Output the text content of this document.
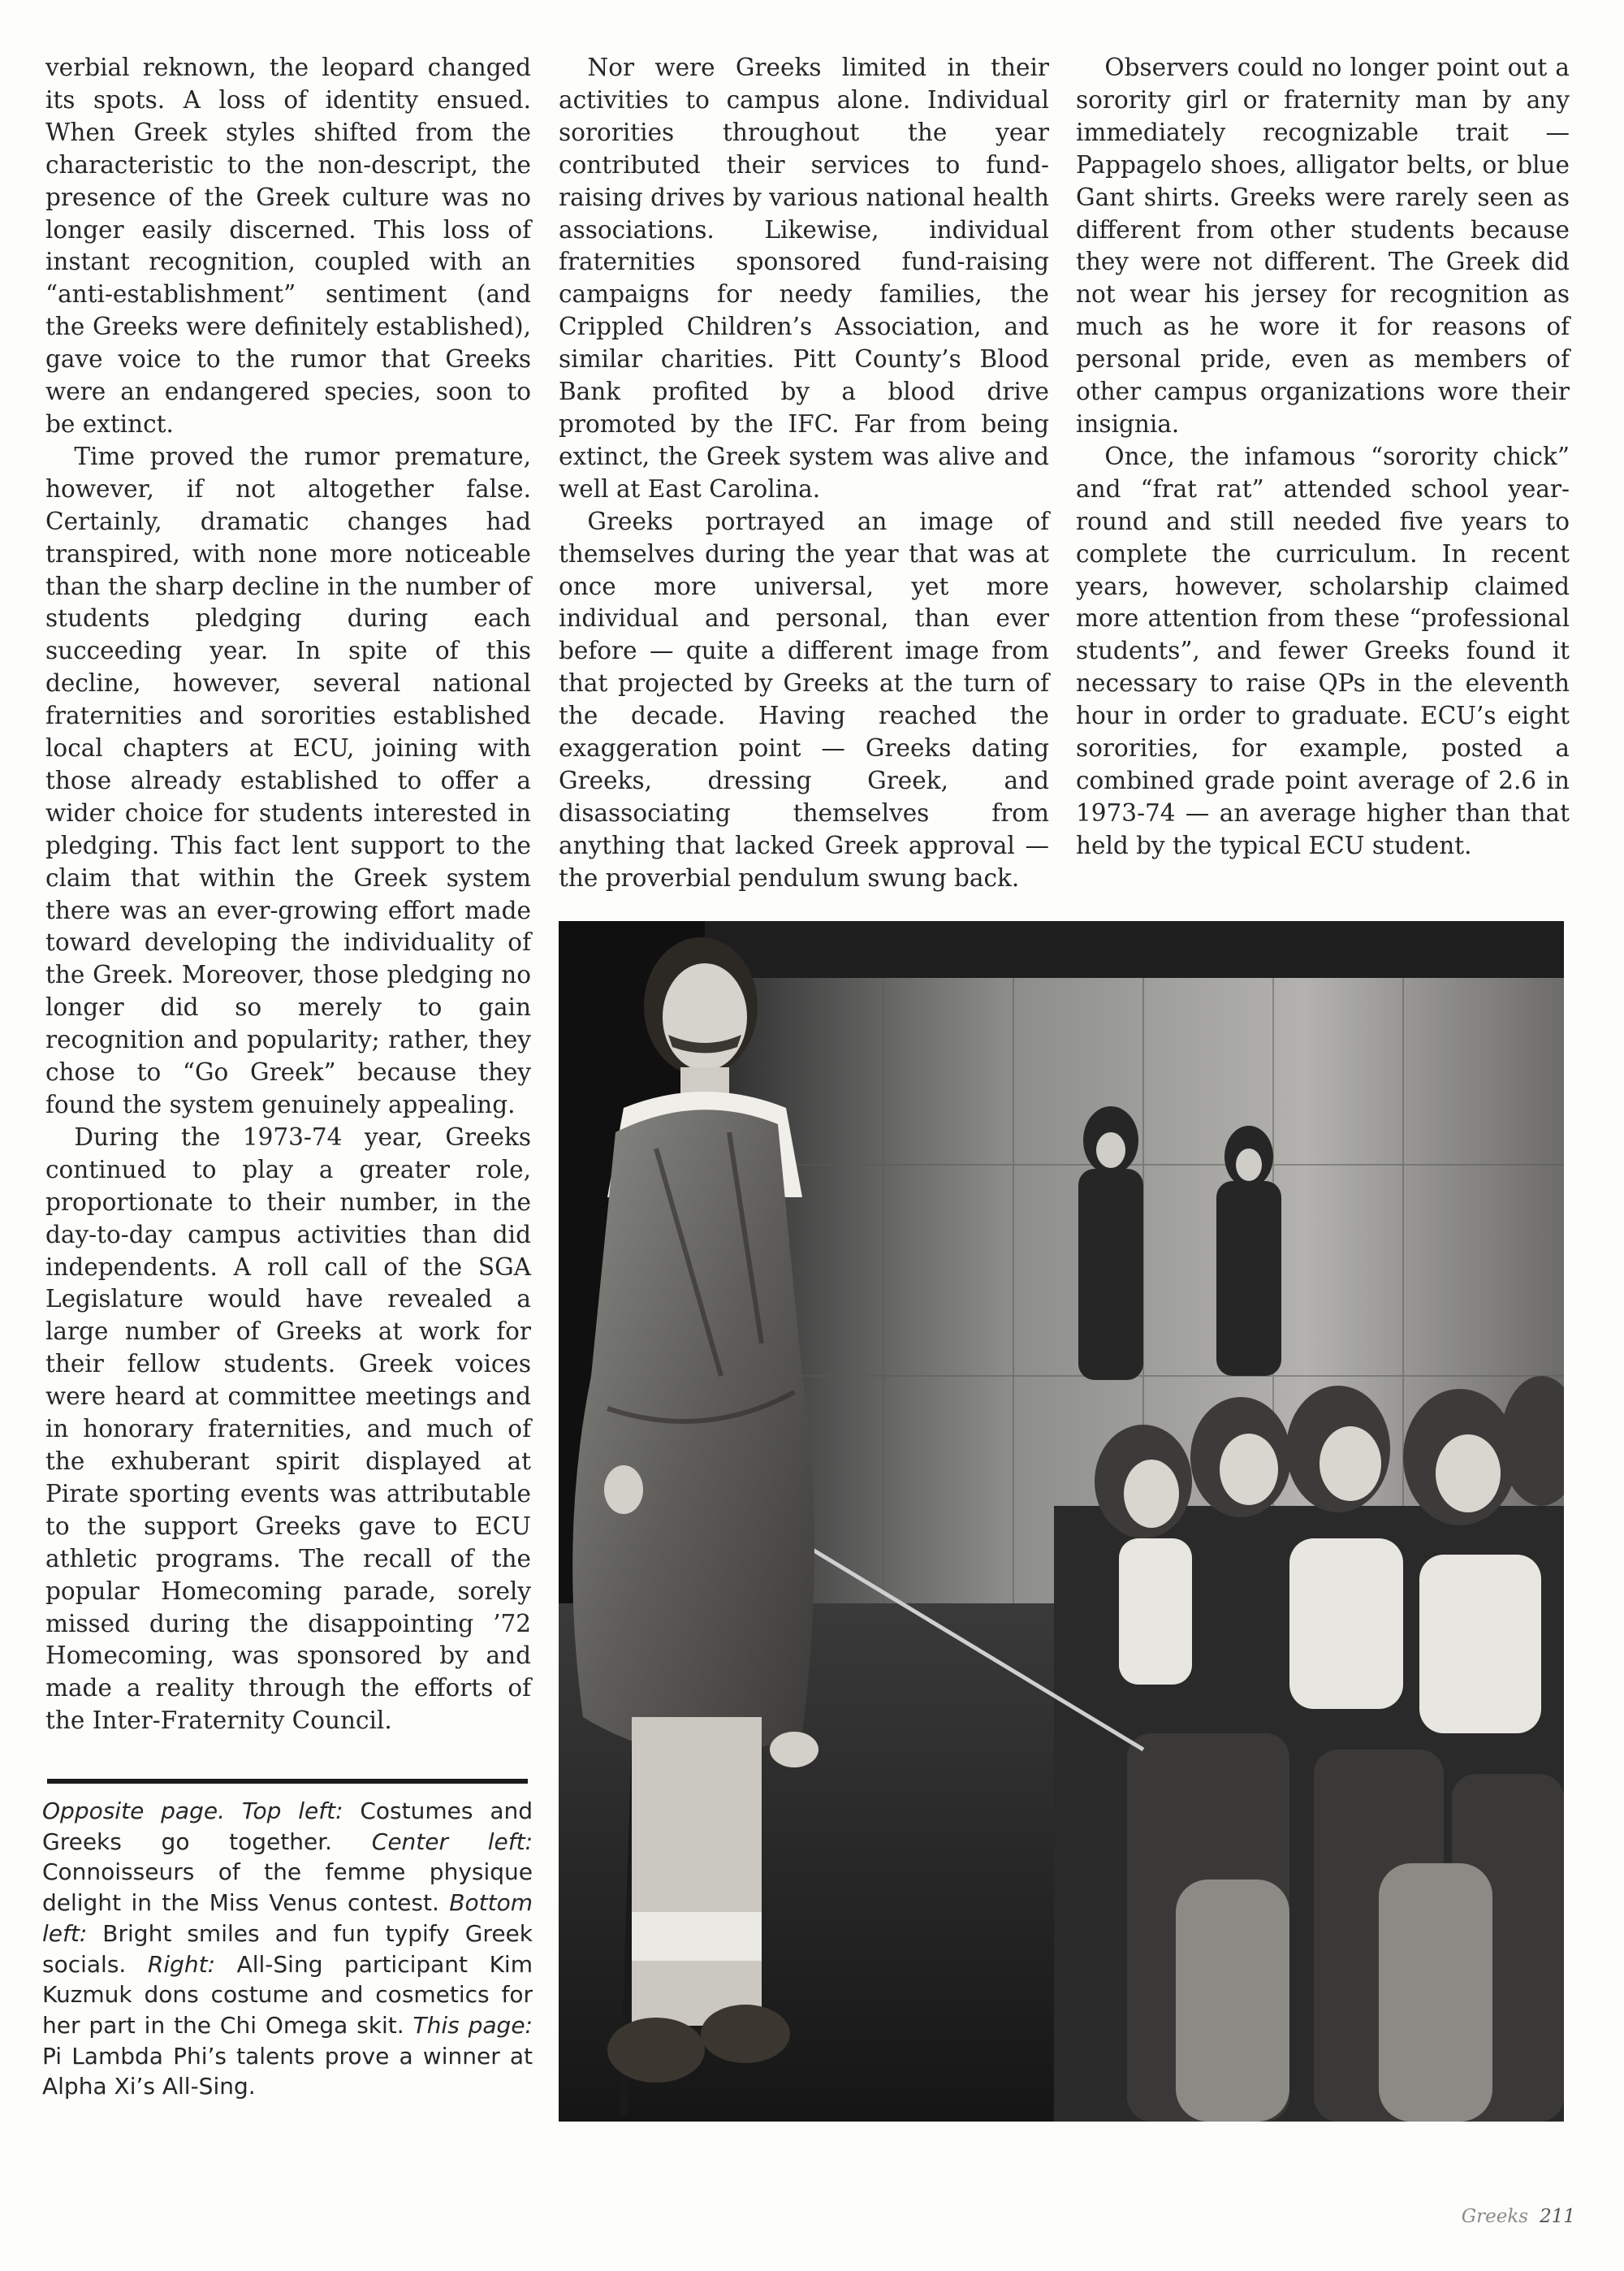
verbial reknown, the leopard changed its spots. A loss of identity ensued. When Greek styles shifted from the characteristic to the non-descript, the presence of the Greek culture was no longer easily discerned. This loss of instant recognition, coupled with an “anti-establishment” sentiment (and the Greeks were definitely established), gave voice to the rumor that Greeks were an endangered species, soon to be extinct.

Time proved the rumor premature, however, if not altogether false. Certainly, dramatic changes had transpired, with none more noticeable than the sharp decline in the number of students pledging during each succeeding year. In spite of this decline, however, several national fraternities and sororities established local chapters at ECU, joining with those already established to offer a wider choice for students interested in pledging. This fact lent support to the claim that within the Greek system there was an ever-growing effort made toward developing the individuality of the Greek. Moreover, those pledging no longer did so merely to gain recognition and popularity; rather, they chose to “Go Greek” because they found the system genuinely appealing.

During the 1973-74 year, Greeks continued to play a greater role, proportionate to their number, in the day-to-day campus activities than did independents. A roll call of the SGA Legislature would have revealed a large number of Greeks at work for their fellow students. Greek voices were heard at committee meetings and in honorary fraternities, and much of the exhuberant spirit displayed at Pirate sporting events was attributable to the support Greeks gave to ECU athletic programs. The recall of the popular Homecoming parade, sorely missed during the disappointing ’72 Homecoming, was sponsored by and made a reality through the efforts of the Inter-Fraternity Council.

Nor were Greeks limited in their activities to campus alone. Individual sororities throughout the year contributed their services to fund-raising drives by various national health associations. Likewise, individual fraternities sponsored fund-raising campaigns for needy families, the Crippled Children’s Association, and similar charities. Pitt County’s Blood Bank profited by a blood drive promoted by the IFC. Far from being extinct, the Greek system was alive and well at East Carolina.

Greeks portrayed an image of themselves during the year that was at once more universal, yet more individual and personal, than ever before — quite a different image from that projected by Greeks at the turn of the decade. Having reached the exaggeration point — Greeks dating Greeks, dressing Greek, and disassociating themselves from anything that lacked Greek approval — the proverbial pendulum swung back.

Observers could no longer point out a sorority girl or fraternity man by any immediately recognizable trait — Pappagelo shoes, alligator belts, or blue Gant shirts. Greeks were rarely seen as different from other students because they were not different. The Greek did not wear his jersey for recognition as much as he wore it for reasons of personal pride, even as members of other campus organizations wore their insignia.

Once, the infamous “sorority chick” and “frat rat” attended school year-round and still needed five years to complete the curriculum. In recent years, however, scholarship claimed more attention from these “professional students”, and fewer Greeks found it necessary to raise QPs in the eleventh hour in order to graduate. ECU’s eight sororities, for example, posted a combined grade point average of 2.6 in 1973-74 — an average higher than that held by the typical ECU student.

Opposite page. Top left: Costumes and Greeks go together. Center left: Connoisseurs of the femme physique delight in the Miss Venus contest. Bottom left: Bright smiles and fun typify Greek socials. Right: All-Sing participant Kim Kuzmuk dons costume and cosmetics for her part in the Chi Omega skit. This page: Pi Lambda Phi’s talents prove a winner at Alpha Xi’s All-Sing.
Greeks 211
